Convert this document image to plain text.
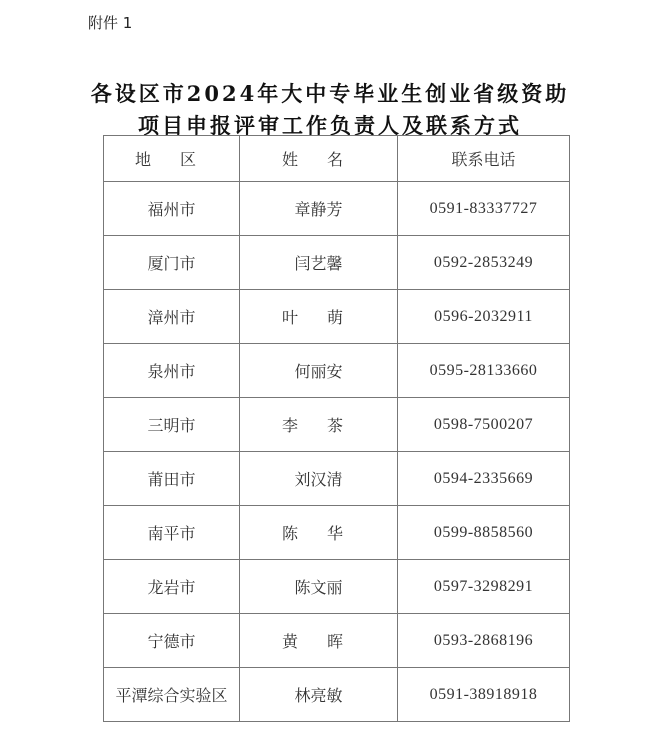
附件 1
各设区市2024年大中专毕业生创业省级资助
项目申报评审工作负责人及联系方式
地 区	姓 名	联系电话
福州市	章静芳	0591-83337727
厦门市	闫艺馨	0592-2853249
漳州市	叶 萌	0596-2032911
泉州市	何丽安	0595-28133660
三明市	李 茶	0598-7500207
莆田市	刘汉清	0594-2335669
南平市	陈 华	0599-8858560
龙岩市	陈文丽	0597-3298291
宁德市	黄 晖	0593-2868196
平潭综合实验区	林亮敏	0591-38918918
